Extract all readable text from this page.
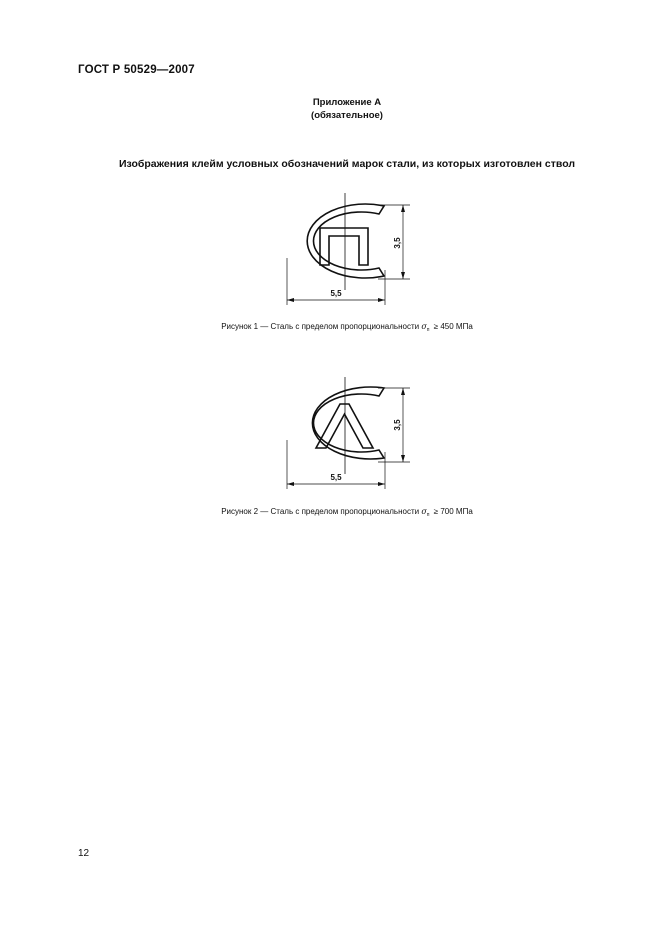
ГОСТ Р 50529—2007
Приложение А
(обязательное)
Изображения клейм условных обозначений марок стали, из которых изготовлен ствол
3,5
5,5
3,5
5,5
Рисунок 1 — Сталь с пределом пропорциональности $\sigma_п \ge 450$ МПа
Рисунок 2 — Сталь с пределом пропорциональности $\sigma_п \ge 700$ МПа
12
